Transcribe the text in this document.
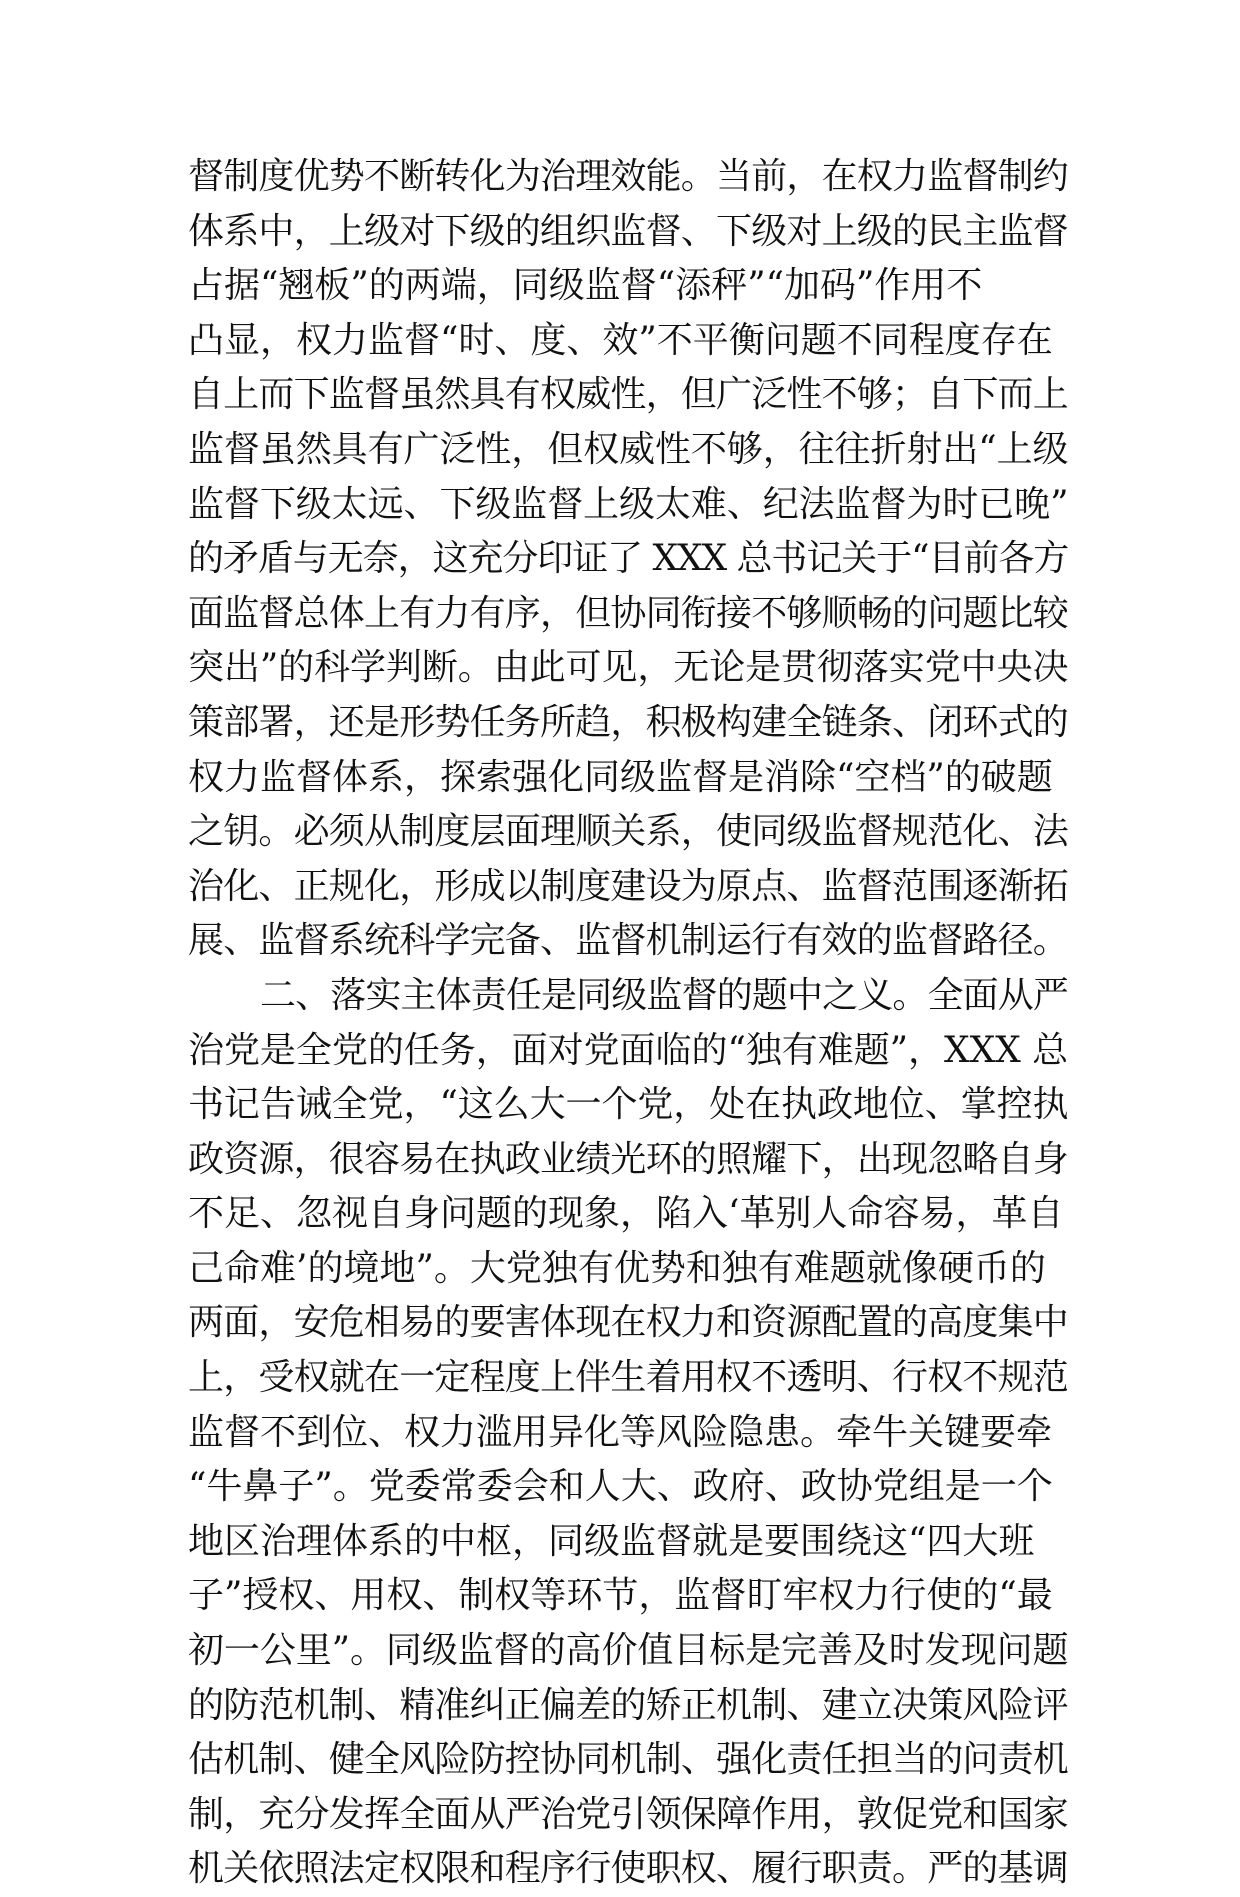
督制度优势不断转化为治理效能。当前，在权力监督制约
体系中，上级对下级的组织监督、下级对上级的民主监督
占据“翘板”的两端，同级监督“添秤”“加码”作用不
凸显，权力监督“时、度、效”不平衡问题不同程度存在
自上而下监督虽然具有权威性，但广泛性不够；自下而上
监督虽然具有广泛性，但权威性不够，往往折射出“上级
监督下级太远、下级监督上级太难、纪法监督为时已晚”
的矛盾与无奈，这充分印证了 XXX 总书记关于“目前各方
面监督总体上有力有序，但协同衔接不够顺畅的问题比较
突出”的科学判断。由此可见，无论是贯彻落实党中央决
策部署，还是形势任务所趋，积极构建全链条、闭环式的
权力监督体系，探索强化同级监督是消除“空档”的破题
之钥。必须从制度层面理顺关系，使同级监督规范化、法
治化、正规化，形成以制度建设为原点、监督范围逐渐拓
展、监督系统科学完备、监督机制运行有效的监督路径。
二、落实主体责任是同级监督的题中之义。全面从严
治党是全党的任务，面对党面临的“独有难题”，XXX 总
书记告诫全党，“这么大一个党，处在执政地位、掌控执
政资源，很容易在执政业绩光环的照耀下，出现忽略自身
不足、忽视自身问题的现象，陷入‘革别人命容易，革自
己命难’的境地”。大党独有优势和独有难题就像硬币的
两面，安危相易的要害体现在权力和资源配置的高度集中
上，受权就在一定程度上伴生着用权不透明、行权不规范
监督不到位、权力滥用异化等风险隐患。牵牛关键要牵
“牛鼻子”。党委常委会和人大、政府、政协党组是一个
地区治理体系的中枢，同级监督就是要围绕这“四大班
子”授权、用权、制权等环节，监督盯牢权力行使的“最
初一公里”。同级监督的高价值目标是完善及时发现问题
的防范机制、精准纠正偏差的矫正机制、建立决策风险评
估机制、健全风险防控协同机制、强化责任担当的问责机
制，充分发挥全面从严治党引领保障作用，敦促党和国家
机关依照法定权限和程序行使职权、履行职责。严的基调
